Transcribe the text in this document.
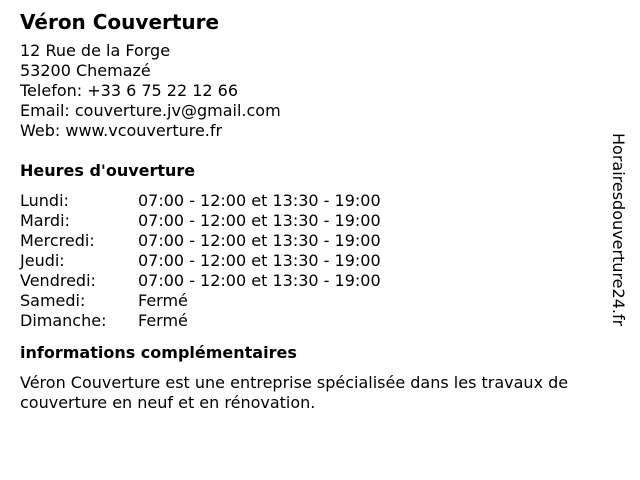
Véron Couverture
12 Rue de la Forge
53200 Chemazé
Telefon: +33 6 75 22 12 66
Email: couverture.jv@gmail.com
Web: www.vcouverture.fr
Heures d'ouverture
Lundi:	07:00 - 12:00 et 13:30 - 19:00
Mardi:	07:00 - 12:00 et 13:30 - 19:00
Mercredi:	07:00 - 12:00 et 13:30 - 19:00
Jeudi:	07:00 - 12:00 et 13:30 - 19:00
Vendredi:	07:00 - 12:00 et 13:30 - 19:00
Samedi:	Fermé
Dimanche:	Fermé
informations complémentaires
Véron Couverture est une entreprise spécialisée dans les travaux de couverture en neuf et en rénovation.
Horairesdouverture24.fr
